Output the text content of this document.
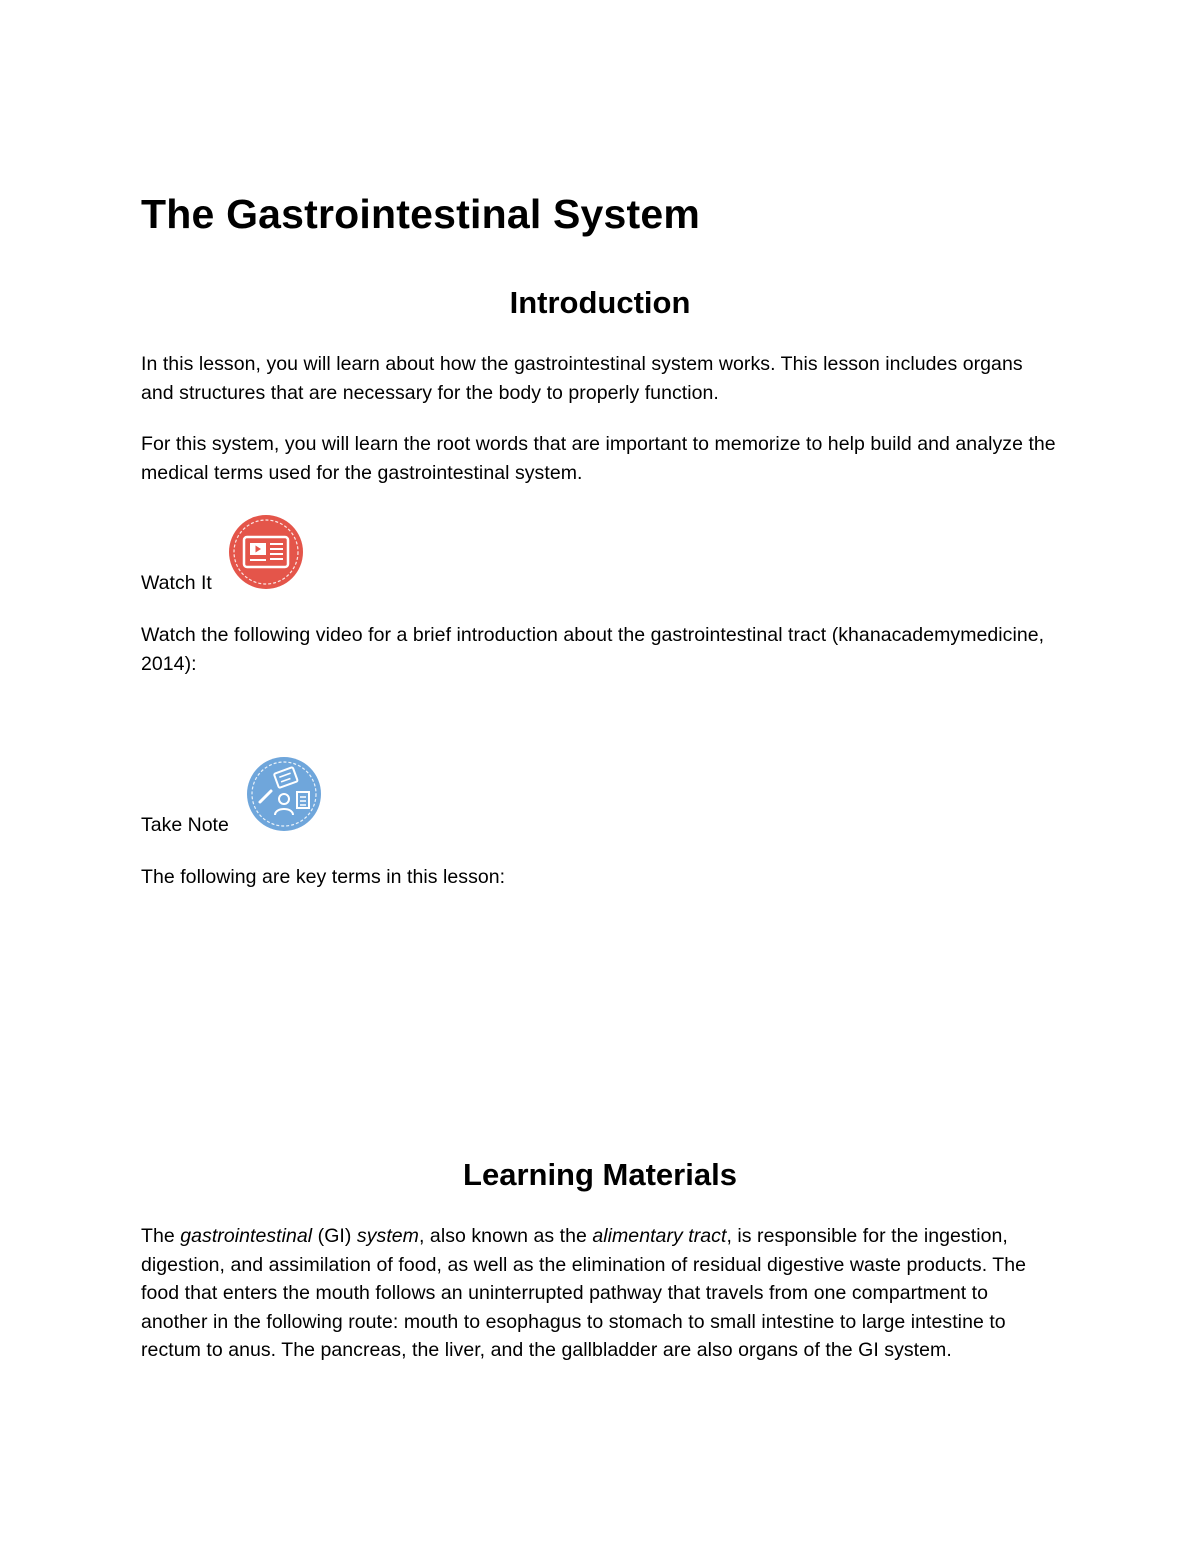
The Gastrointestinal System
Introduction

In this lesson, you will learn about how the gastrointestinal system works. This lesson includes organs and structures that are necessary for the body to properly function.

For this system, you will learn the root words that are important to memorize to help build and analyze the medical terms used for the gastrointestinal system.

Watch It

Watch the following video for a brief introduction about the gastrointestinal tract (khanacademymedicine, 2014):

Take Note

The following are key terms in this lesson:

Learning Materials

The gastrointestinal (GI) system, also known as the alimentary tract, is responsible for the ingestion, digestion, and assimilation of food, as well as the elimination of residual digestive waste products. The food that enters the mouth follows an uninterrupted pathway that travels from one compartment to another in the following route: mouth to esophagus to stomach to small intestine to large intestine to rectum to anus. The pancreas, the liver, and the gallbladder are also organs of the GI system.
